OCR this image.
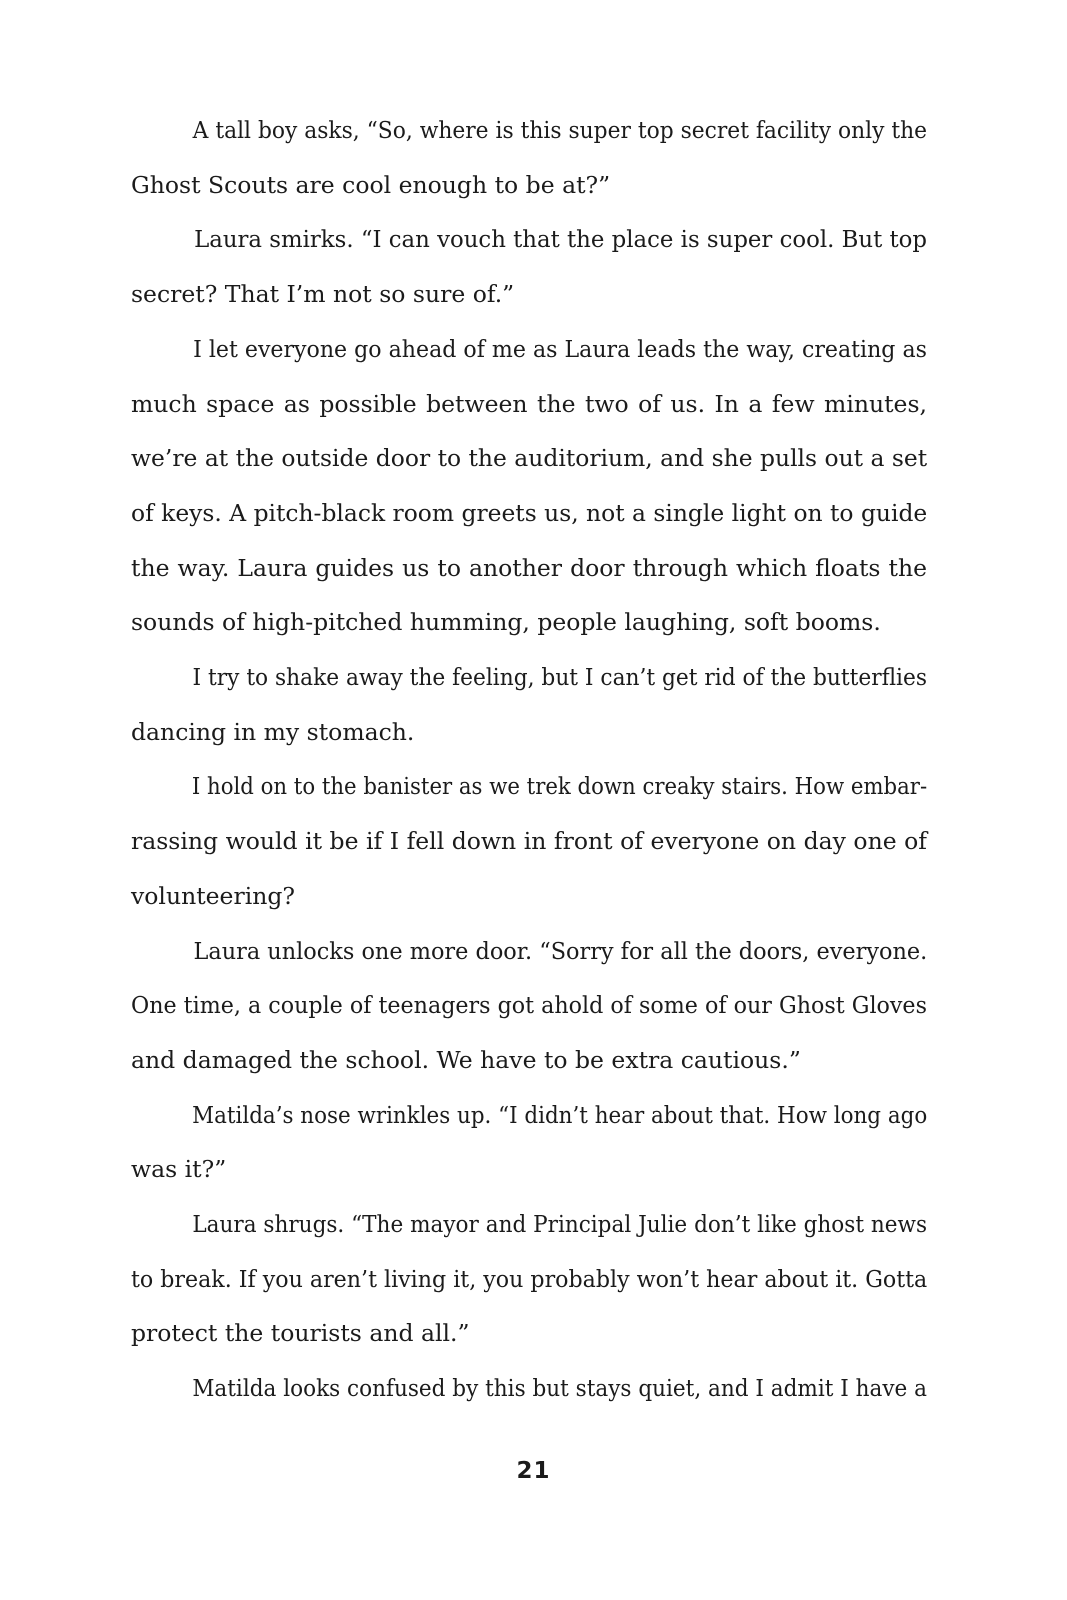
A tall boy asks, “So, where is this super top secret facility only the Ghost Scouts are cool enough to be at?”

Laura smirks. “I can vouch that the place is super cool. But top secret? That I’m not so sure of.”

I let everyone go ahead of me as Laura leads the way, creating as much space as possible between the two of us. In a few minutes, we’re at the outside door to the auditorium, and she pulls out a set of keys. A pitch-black room greets us, not a single light on to guide the way. Laura guides us to another door through which floats the sounds of high-pitched humming, people laughing, soft booms.

I try to shake away the feeling, but I can’t get rid of the butterflies dancing in my stomach.

I hold on to the banister as we trek down creaky stairs. How embar- rassing would it be if I fell down in front of everyone on day one of volunteering?

Laura unlocks one more door. “Sorry for all the doors, everyone. One time, a couple of teenagers got ahold of some of our Ghost Gloves and damaged the school. We have to be extra cautious.”

Matilda’s nose wrinkles up. “I didn’t hear about that. How long ago was it?”

Laura shrugs. “The mayor and Principal Julie don’t like ghost news to break. If you aren’t living it, you probably won’t hear about it. Gotta protect the tourists and all.”

Matilda looks confused by this but stays quiet, and I admit I have a

21
